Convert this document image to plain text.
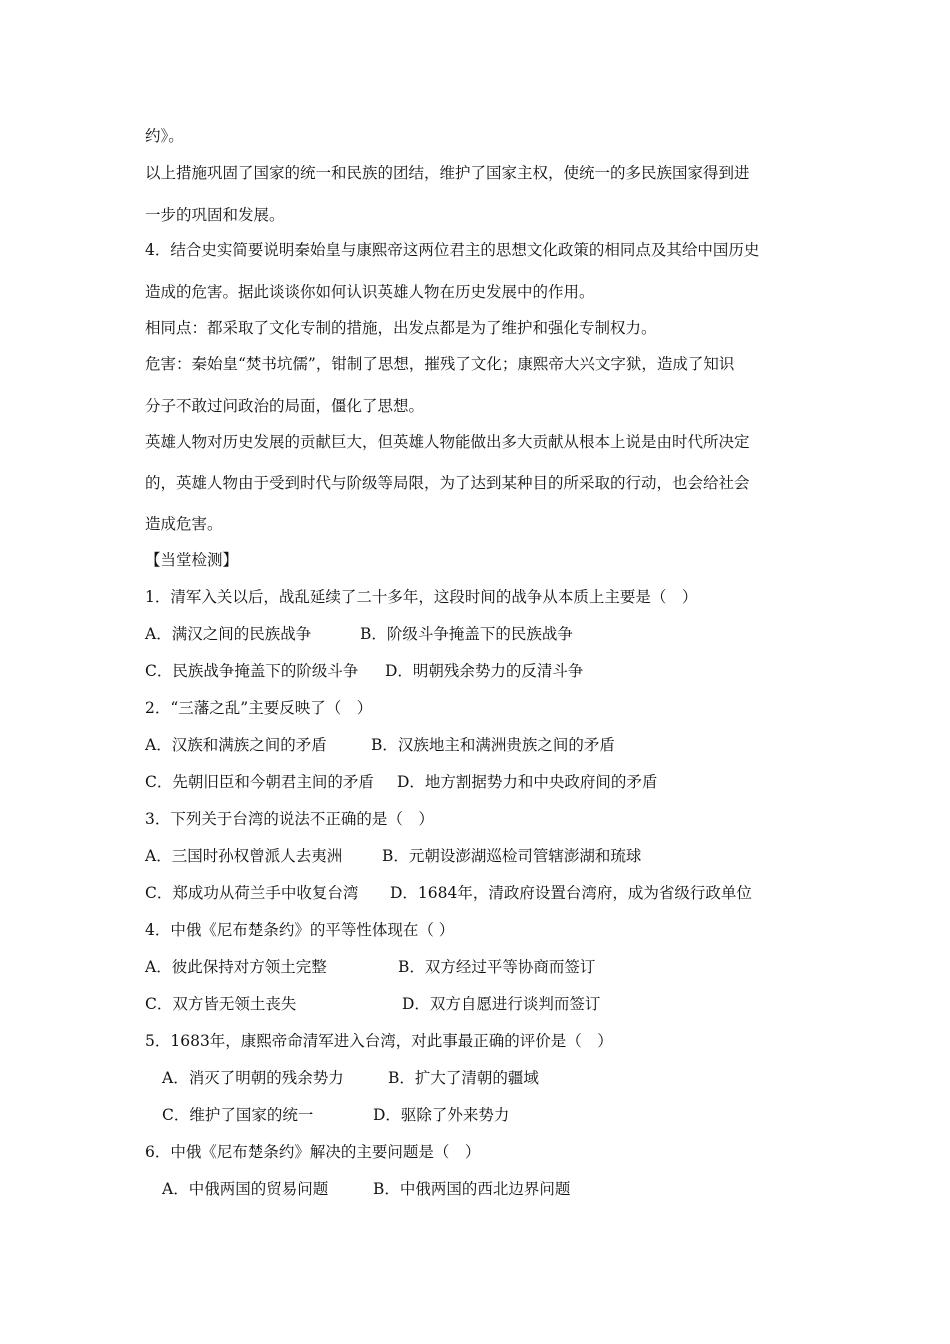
约》。
以上措施巩固了国家的统一和民族的团结，维护了国家主权，使统一的多民族国家得到进
一步的巩固和发展。
4．结合史实简要说明秦始皇与康熙帝这两位君主的思想文化政策的相同点及其给中国历史
造成的危害。据此谈谈你如何认识英雄人物在历史发展中的作用。
相同点：都采取了文化专制的措施，出发点都是为了维护和强化专制权力。
危害：秦始皇“焚书坑儒”，钳制了思想，摧残了文化；康熙帝大兴文字狱，造成了知识
分子不敢过问政治的局面，僵化了思想。
英雄人物对历史发展的贡献巨大，但英雄人物能做出多大贡献从根本上说是由时代所决定
的，英雄人物由于受到时代与阶级等局限，为了达到某种目的所采取的行动，也会给社会
造成危害。
【当堂检测】
1．清军入关以后，战乱延续了二十多年，这段时间的战争从本质上主要是（　）
A．满汉之间的民族战争	B．阶级斗争掩盖下的民族战争
C．民族战争掩盖下的阶级斗争 D．明朝残余势力的反清斗争
2．“三藩之乱”主要反映了（　）
A．汉族和满族之间的矛盾	B．汉族地主和满洲贵族之间的矛盾
C．先朝旧臣和今朝君主间的矛盾 D．地方割据势力和中央政府间的矛盾
3．下列关于台湾的说法不正确的是（　）
A．三国时孙权曾派人去夷洲	B．元朝设澎湖巡检司管辖澎湖和琉球
C．郑成功从荷兰手中收复台湾 D．1684年，清政府设置台湾府，成为省级行政单位
4．中俄《尼布楚条约》的平等性体现在（ ）
A．彼此保持对方领土完整	B．双方经过平等协商而签订
C．双方皆无领土丧失	D．双方自愿进行谈判而签订
5．1683年，康熙帝命清军进入台湾，对此事最正确的评价是（　）
A．消灭了明朝的残余势力	B．扩大了清朝的疆域
C．维护了国家的统一	D．驱除了外来势力
6．中俄《尼布楚条约》解决的主要问题是（　）
A．中俄两国的贸易问题	B．中俄两国的西北边界问题
